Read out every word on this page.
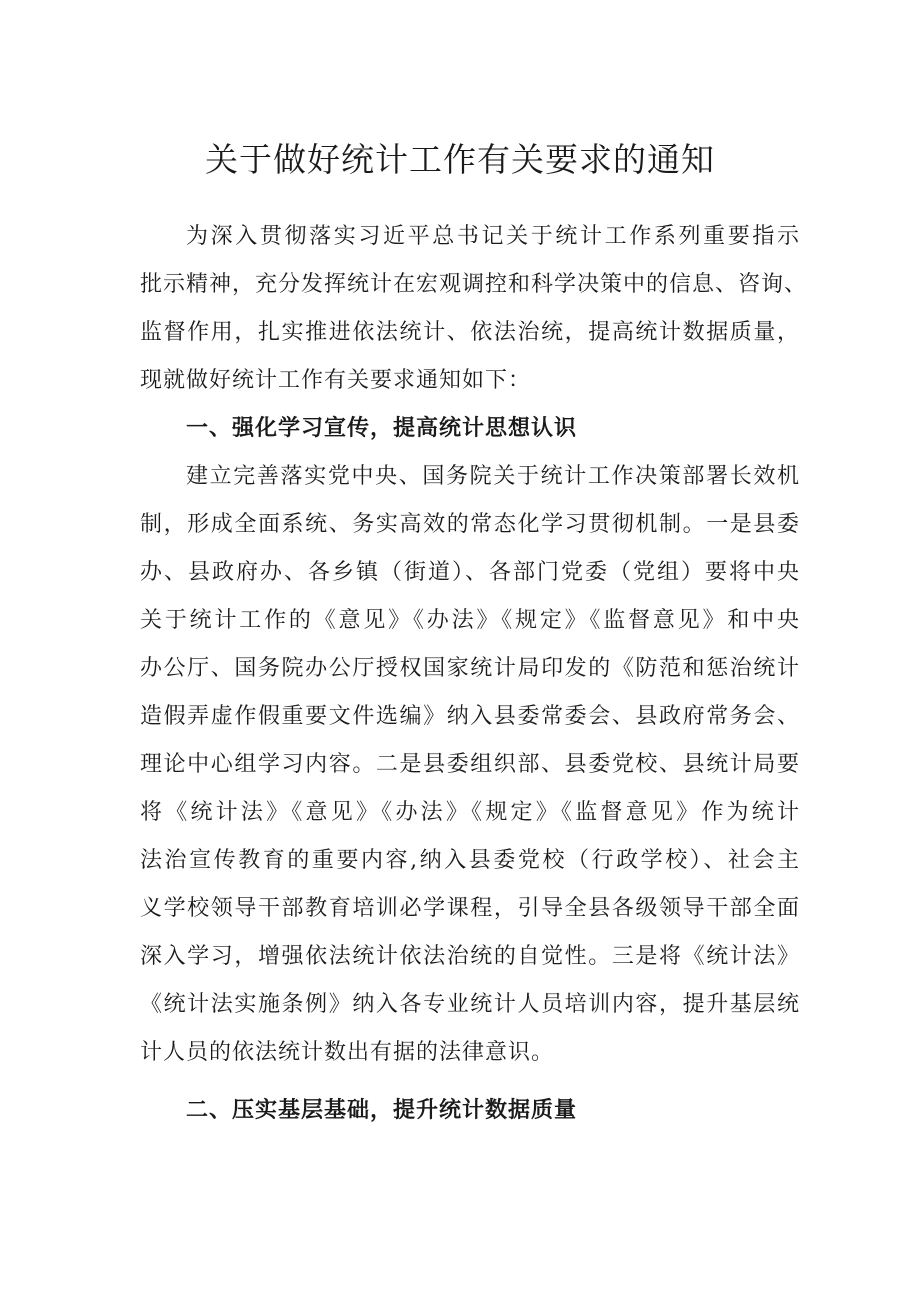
关于做好统计工作有关要求的通知
为深入贯彻落实习近平总书记关于统计工作系列重要指示
批示精神，充分发挥统计在宏观调控和科学决策中的信息、咨询、
监督作用，扎实推进依法统计、依法治统，提高统计数据质量，
现就做好统计工作有关要求通知如下：
一、强化学习宣传，提高统计思想认识
建立完善落实党中央、国务院关于统计工作决策部署长效机
制，形成全面系统、务实高效的常态化学习贯彻机制。一是县委
办、县政府办、各乡镇（街道）、各部门党委（党组）要将中央
关于统计工作的《意见》《办法》《规定》《监督意见》和中央
办公厅、国务院办公厅授权国家统计局印发的《防范和惩治统计
造假弄虚作假重要文件选编》纳入县委常委会、县政府常务会、
理论中心组学习内容。二是县委组织部、县委党校、县统计局要
将《统计法》《意见》《办法》《规定》《监督意见》作为统计
法治宣传教育的重要内容,纳入县委党校（行政学校）、社会主
义学校领导干部教育培训必学课程，引导全县各级领导干部全面
深入学习，增强依法统计依法治统的自觉性。三是将《统计法》
《统计法实施条例》纳入各专业统计人员培训内容，提升基层统
计人员的依法统计数出有据的法律意识。
二、压实基层基础，提升统计数据质量
